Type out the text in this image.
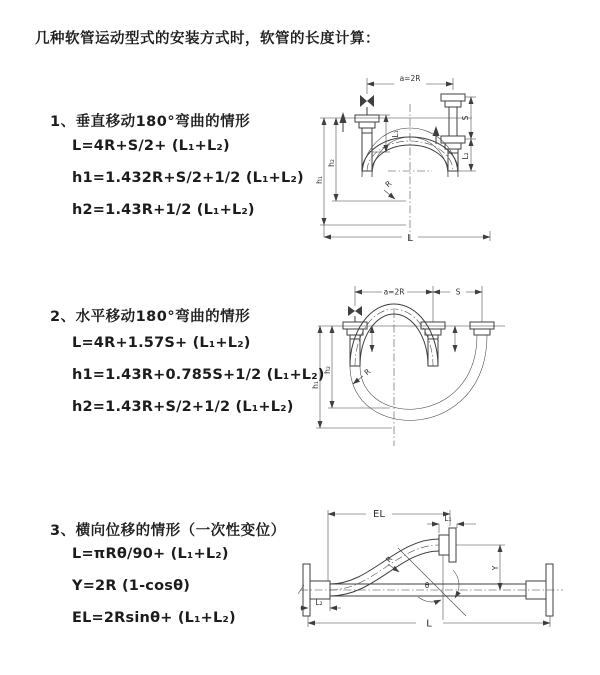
几种软管运动型式的安装方式时，软管的长度计算：
1、垂直移动180°弯曲的情形
L=4R+S/2+ (L₁+L₂)
h1=1.432R+S/2+1/2 (L₁+L₂)
h2=1.43R+1/2 (L₁+L₂)
2、水平移动180°弯曲的情形
L=4R+1.57S+ (L₁+L₂)
h1=1.43R+0.785S+1/2 (L₁+L₂)
h2=1.43R+S/2+1/2 (L₁+L₂)
3、横向位移的情形（一次性变位）
L=πRθ/90+ (L₁+L₂)
Y=2R (1-cosθ)
EL=2Rsinθ+ (L₁+L₂)
a=2R
h₂
h₁
S
L₂
L₁
R
L
a=2R	S
h₂
h₁
R
EL	L₁
Y
θ
R
L
L₂
